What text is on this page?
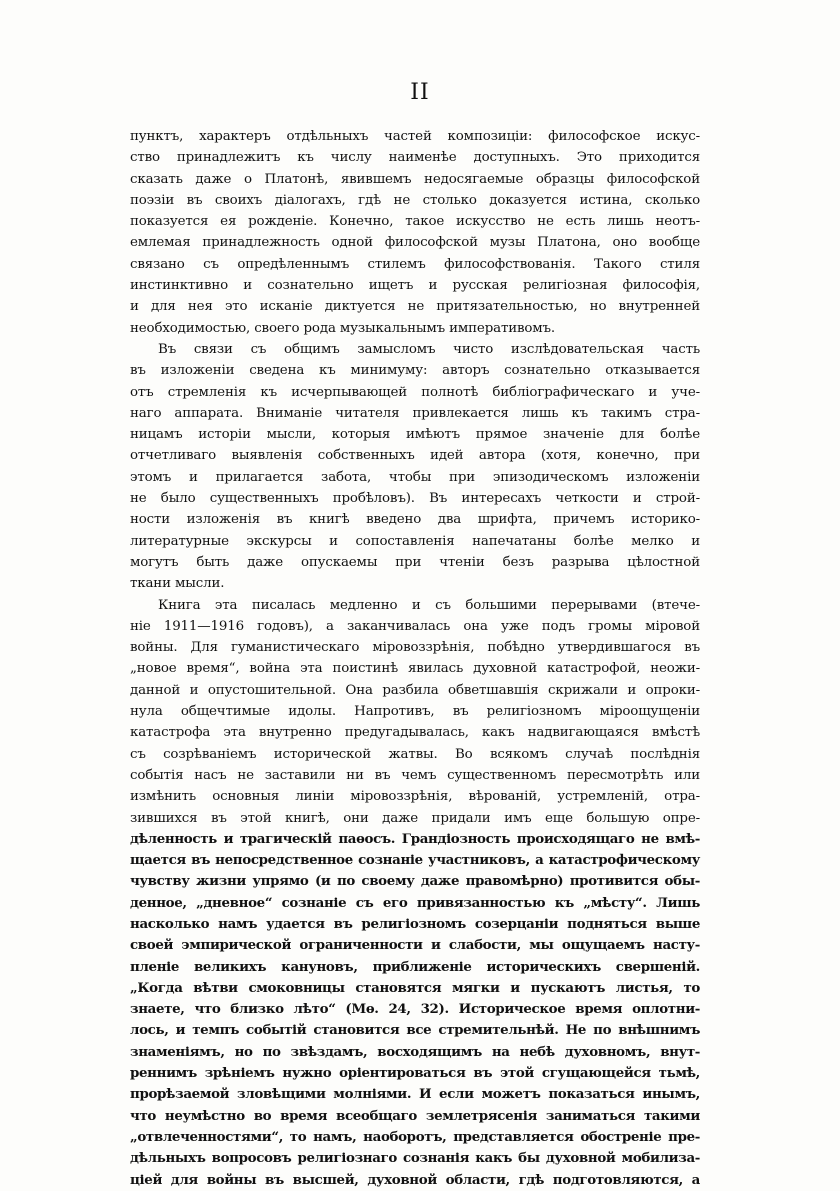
II
пунктъ, характеръ отдѣльныхъ частей композиціи: философское искус-
ство принадлежитъ къ числу наименѣе доступныхъ. Это приходится
сказать даже о Платонѣ, явившемъ недосягаемые образцы философской
поэзіи въ своихъ діалогахъ, гдѣ не столько доказуется истина, сколько
показуется ея рожденіе. Конечно, такое искусство не есть лишь неотъ-
емлемая принадлежность одной философской музы Платона, оно вообще
связано съ опредѣленнымъ стилемъ философствованія. Такого стиля
инстинктивно и сознательно ищетъ и русская религіозная философія,
и для нея это исканіе диктуется не притязательностью, но внутренней
необходимостью, своего рода музыкальнымъ императивомъ.
Въ связи съ общимъ замысломъ чисто изслѣдовательская часть
въ изложеніи сведена къ минимуму: авторъ сознательно отказывается
отъ стремленія къ исчерпывающей полнотѣ библіографическаго и уче-
наго аппарата. Вниманіе читателя привлекается лишь къ такимъ стра-
ницамъ исторіи мысли, которыя имѣютъ прямое значеніе для болѣе
отчетливаго выявленія собственныхъ идей автора (хотя, конечно, при
этомъ и прилагается забота, чтобы при эпизодическомъ изложеніи
не было существенныхъ пробѣловъ). Въ интересахъ четкости и строй-
ности изложенія въ книгѣ введено два шрифта, причемъ историко-
литературные экскурсы и сопоставленія напечатаны болѣе мелко и
могутъ быть даже опускаемы при чтеніи безъ разрыва цѣлостной
ткани мысли.
Книга эта писалась медленно и съ большими перерывами (втече-
ніе 1911—1916 годовъ), а заканчивалась она уже подъ громы міровой
войны. Для гуманистическаго міровоззрѣнія, побѣдно утвердившагося въ
„новое время“, война эта поистинѣ явилась духовной катастрофой, неожи-
данной и опустошительной. Она разбила обветшавшія скрижали и опроки-
нула общечтимые идолы. Напротивъ, въ религіозномъ міроощущеніи
катастрофа эта внутренно предугадывалась, какъ надвигающаяся вмѣстѣ
съ созрѣваніемъ исторической жатвы. Во всякомъ случаѣ послѣднія
событія насъ не заставили ни въ чемъ существенномъ пересмотрѣть или
измѣнить основныя линіи міровоззрѣнія, вѣрованій, устремленій, отра-
зившихся въ этой книгѣ, они даже придали имъ еще большую опре-
дѣленность и трагическій паѳосъ. Грандіозность происходящаго не вмѣ-
щается въ непосредственное сознаніе участниковъ, а катастрофическому
чувству жизни упрямо (и по своему даже правомѣрно) противится обы-
денное, „дневное“ сознаніе съ его привязанностью къ „мѣсту“. Лишь
насколько намъ удается въ религіозномъ созерцаніи подняться выше
своей эмпирической ограниченности и слабости, мы ощущаемъ насту-
пленіе великихъ кануновъ, приближеніе историческихъ свершеній.
„Когда вѣтви смоковницы становятся мягки и пускаютъ листья, то
знаете, что близко лѣто“ (Мѳ. 24, 32). Историческое время оплотни-
лось, и темпъ событій становится все стремительнѣй. Не по внѣшнимъ
знаменіямъ, но по звѣздамъ, восходящимъ на небѣ духовномъ, внут-
реннимъ зрѣніемъ нужно оріентироваться въ этой сгущающейся тьмѣ,
прорѣзаемой зловѣщими молніями. И если можетъ показаться инымъ,
что неумѣстно во время всеобщаго землетрясенія заниматься такими
„отвлеченностями“, то намъ, наоборотъ, представляется обостреніе пре-
дѣльныхъ вопросовъ религіознаго сознанія какъ бы духовной мобилиза-
ціей для войны въ высшей, духовной области, гдѣ подготовляются, а
